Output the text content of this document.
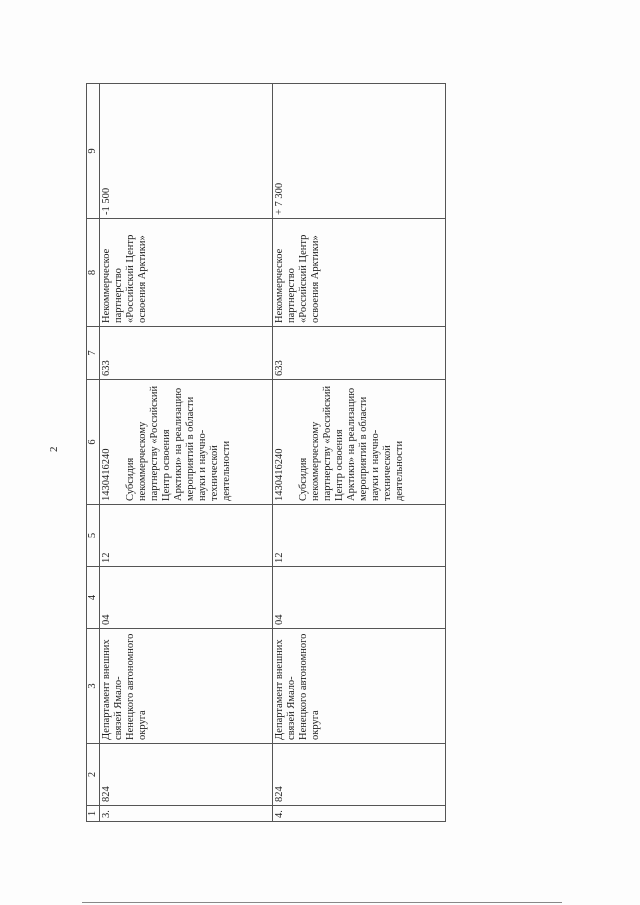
2
1	2	3	4	5	6	7	8	9
3.	824	Департамент внешних связей Ямало-Ненецкого автономного округа	04	12	1430416240 Субсидия некоммерческому партнерству «Российский Центр освоения Арктики» на реализацию мероприятий в области науки и научно-технической деятельности	633	Некоммерческое партнерство «Российский Центр освоения Арктики»	-1 500
4.	824	Департамент внешних связей Ямало-Ненецкого автономного округа	04	12	1430416240 Субсидия некоммерческому партнерству «Российский Центр освоения Арктики» на реализацию мероприятий в области науки и научно-технической деятельности	633	Некоммерческое партнерство «Российский Центр освоения Арктики»	+ 7 300
